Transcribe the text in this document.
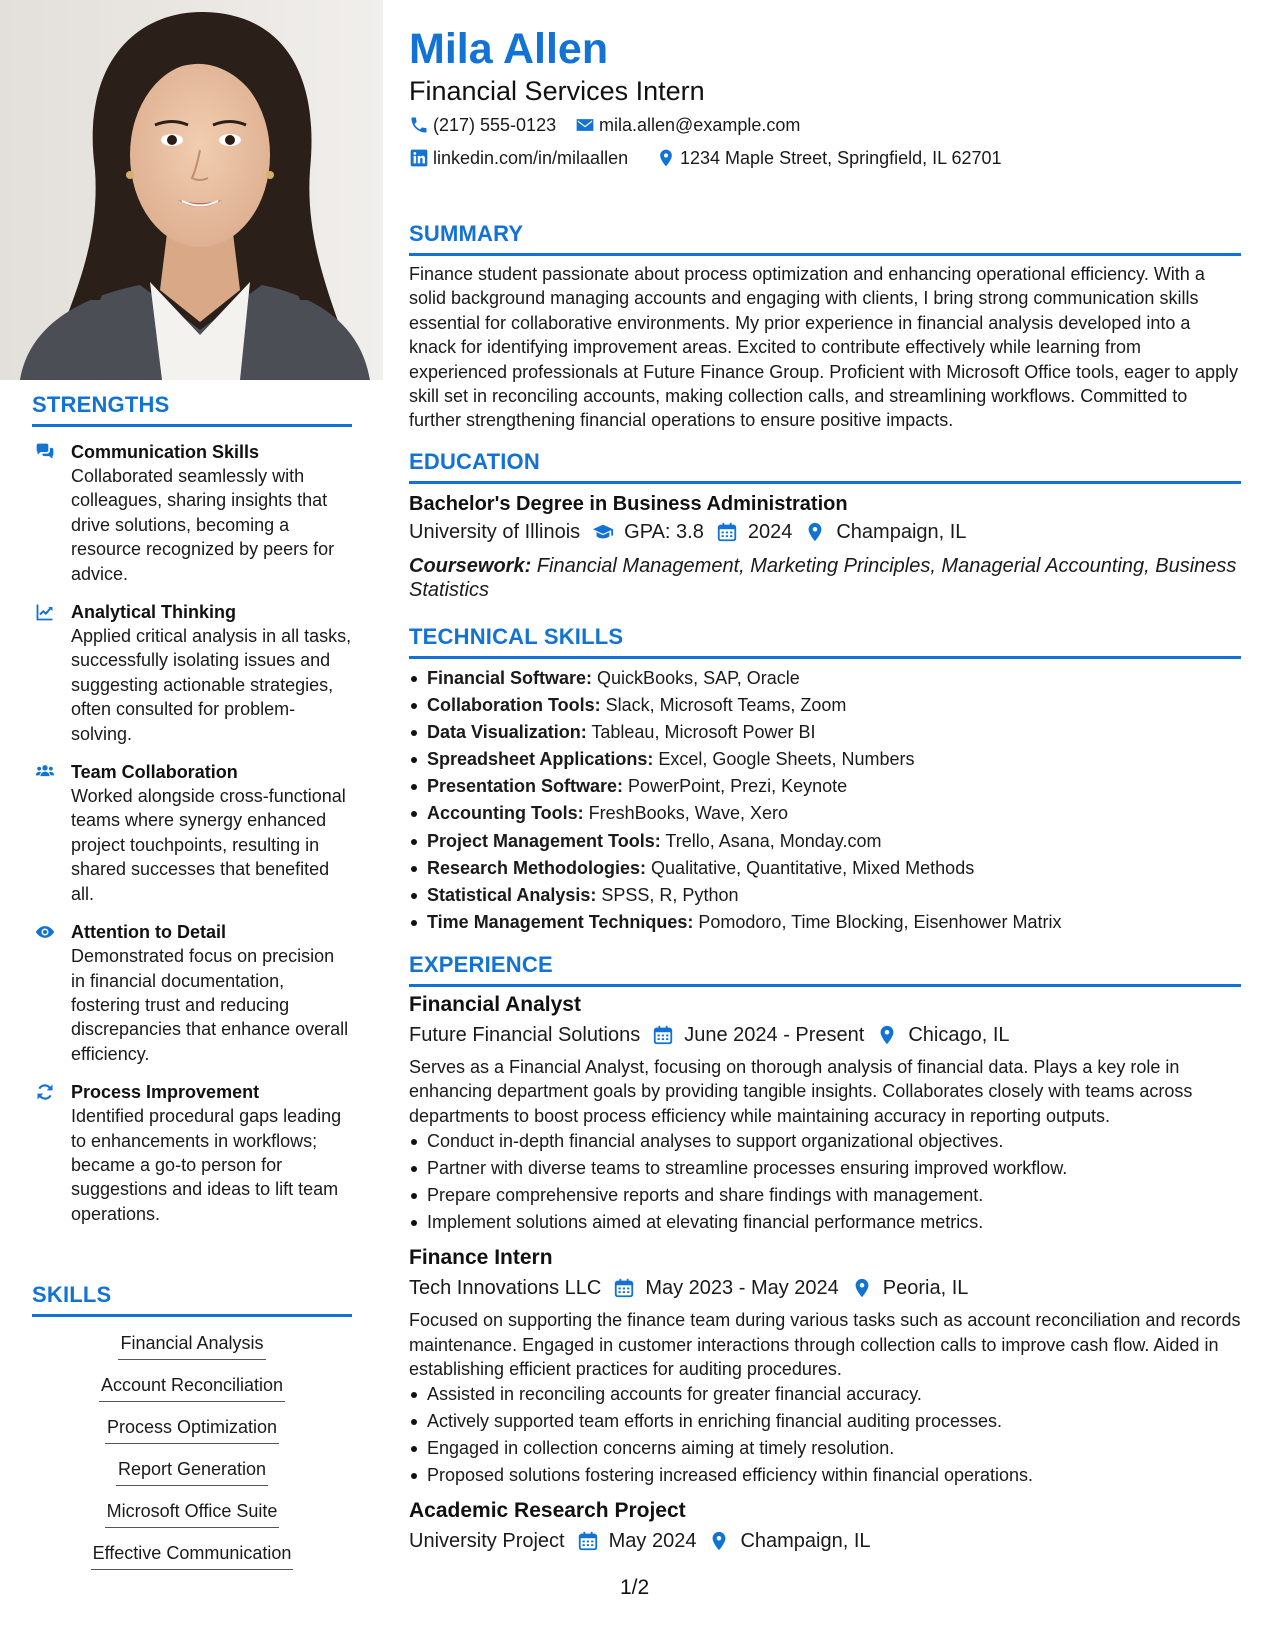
STRENGTHS
Communication Skills
Collaborated seamlessly with colleagues, sharing insights that drive solutions, becoming a resource recognized by peers for advice.
Analytical Thinking
Applied critical analysis in all tasks, successfully isolating issues and suggesting actionable strategies, often consulted for problem-solving.
Team Collaboration
Worked alongside cross-functional teams where synergy enhanced project touchpoints, resulting in shared successes that benefited all.
Attention to Detail
Demonstrated focus on precision in financial documentation, fostering trust and reducing discrepancies that enhance overall efficiency.
Process Improvement
Identified procedural gaps leading to enhancements in workflows; became a go-to person for suggestions and ideas to lift team operations.
SKILLS
Financial Analysis
Account Reconciliation
Process Optimization
Report Generation
Microsoft Office Suite
Effective Communication
Mila Allen
Financial Services Intern
(217) 555-0123 mila.allen@example.com
linkedin.com/in/milaallen	1234 Maple Street, Springfield, IL 62701
SUMMARY
Finance student passionate about process optimization and enhancing operational efficiency. With a solid background managing accounts and engaging with clients, I bring strong communication skills essential for collaborative environments. My prior experience in financial analysis developed into a knack for identifying improvement areas. Excited to contribute effectively while learning from experienced professionals at Future Finance Group. Proficient with Microsoft Office tools, eager to apply skill set in reconciling accounts, making collection calls, and streamlining workflows. Committed to further strengthening financial operations to ensure positive impacts.
EDUCATION
Bachelor's Degree in Business Administration
University of Illinois GPA: 3.8 2024 Champaign, IL
Coursework: Financial Management, Marketing Principles, Managerial Accounting, Business Statistics
TECHNICAL SKILLS
Financial Software: QuickBooks, SAP, Oracle
Collaboration Tools: Slack, Microsoft Teams, Zoom
Data Visualization: Tableau, Microsoft Power BI
Spreadsheet Applications: Excel, Google Sheets, Numbers
Presentation Software: PowerPoint, Prezi, Keynote
Accounting Tools: FreshBooks, Wave, Xero
Project Management Tools: Trello, Asana, Monday.com
Research Methodologies: Qualitative, Quantitative, Mixed Methods
Statistical Analysis: SPSS, R, Python
Time Management Techniques: Pomodoro, Time Blocking, Eisenhower Matrix
EXPERIENCE
Financial Analyst
Future Financial Solutions June 2024 - Present Chicago, IL
Serves as a Financial Analyst, focusing on thorough analysis of financial data. Plays a key role in enhancing department goals by providing tangible insights. Collaborates closely with teams across departments to boost process efficiency while maintaining accuracy in reporting outputs.
Conduct in-depth financial analyses to support organizational objectives.
Partner with diverse teams to streamline processes ensuring improved workflow.
Prepare comprehensive reports and share findings with management.
Implement solutions aimed at elevating financial performance metrics.
Finance Intern
Tech Innovations LLC May 2023 - May 2024 Peoria, IL
Focused on supporting the finance team during various tasks such as account reconciliation and records maintenance. Engaged in customer interactions through collection calls to improve cash flow. Aided in establishing efficient practices for auditing procedures.
Assisted in reconciling accounts for greater financial accuracy.
Actively supported team efforts in enriching financial auditing processes.
Engaged in collection concerns aiming at timely resolution.
Proposed solutions fostering increased efficiency within financial operations.
Academic Research Project
University Project May 2024 Champaign, IL
1/2
